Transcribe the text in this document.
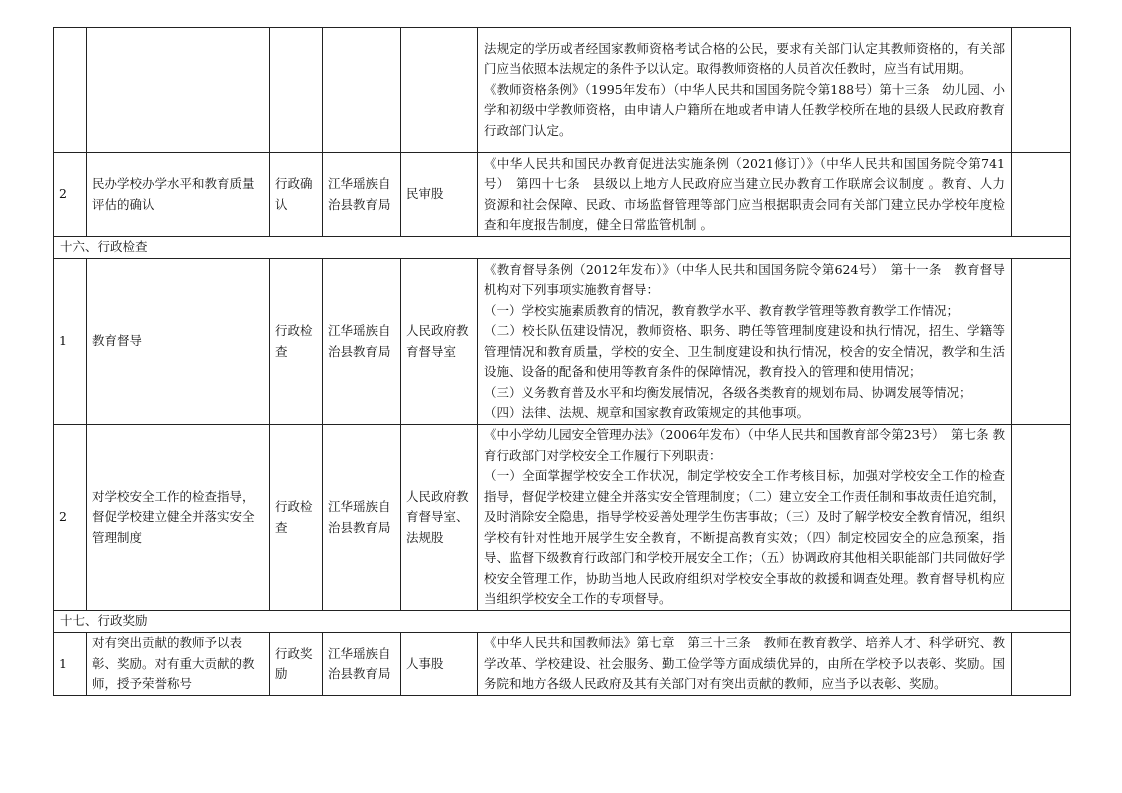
					法规定的学历或者经国家教师资格考试合格的公民，要求有关部门认定其教师资格的，有关部门应当依照本法规定的条件予以认定。取得教师资格的人员首次任教时，应当有试用期。

《教师资格条例》（1995年发布）（中华人民共和国国务院令第188号）第十三条　幼儿园、小学和初级中学教师资格，由申请人户籍所在地或者申请人任教学校所在地的县级人民政府教育行政部门认定。	

2	民办学校办学水平和教育质量评估的确认	行政确认	江华瑶族自治县教育局	民审股	《中华人民共和国民办教育促进法实施条例（2021修订）》（中华人民共和国国务院令第741号）　第四十七条　县级以上地方人民政府应当建立民办教育工作联席会议制度 。教育、人力资源和社会保障、民政、市场监督管理等部门应当根据职责会同有关部门建立民办学校年度检查和年度报告制度，健全日常监管机制 。	

十六、行政检查						
1	教育督导	行政检查	江华瑶族自治县教育局	人民政府教育督导室	《教育督导条例（2012年发布）》（中华人民共和国国务院令第624号）　第十一条　教育督导机构对下列事项实施教育督导：

（一）学校实施素质教育的情况，教育教学水平、教育教学管理等教育教学工作情况；

（二）校长队伍建设情况，教师资格、职务、聘任等管理制度建设和执行情况，招生、学籍等管理情况和教育质量，学校的安全、卫生制度建设和执行情况，校舍的安全情况，教学和生活设施、设备的配备和使用等教育条件的保障情况，教育投入的管理和使用情况；

（三）义务教育普及水平和均衡发展情况，各级各类教育的规划布局、协调发展等情况；

（四）法律、法规、规章和国家教育政策规定的其他事项。	

2	对学校安全工作的检查指导，督促学校建立健全并落实安全管理制度	行政检查	江华瑶族自治县教育局	人民政府教育督导室、法规股	《中小学幼儿园安全管理办法》（2006年发布）（中华人民共和国教育部令第23号）　第七条 教育行政部门对学校安全工作履行下列职责：

（一）全面掌握学校安全工作状况，制定学校安全工作考核目标，加强对学校安全工作的检查指导，督促学校建立健全并落实安全管理制度；（二）建立安全工作责任制和事故责任追究制，及时消除安全隐患，指导学校妥善处理学生伤害事故；（三）及时了解学校安全教育情况，组织学校有针对性地开展学生安全教育，不断提高教育实效；（四）制定校园安全的应急预案，指导、监督下级教育行政部门和学校开展安全工作；（五）协调政府其他相关职能部门共同做好学校安全管理工作，协助当地人民政府组织对学校安全事故的救援和调查处理。教育督导机构应当组织学校安全工作的专项督导。	

十七、行政奖励						
1	对有突出贡献的教师予以表彰、奖励。对有重大贡献的教师，授予荣誉称号	行政奖励	江华瑶族自治县教育局	人事股	《中华人民共和国教师法》第七章　第三十三条　教师在教育教学、培养人才、科学研究、教学改革、学校建设、社会服务、勤工俭学等方面成绩优异的，由所在学校予以表彰、奖励。国务院和地方各级人民政府及其有关部门对有突出贡献的教师，应当予以表彰、奖励。	
